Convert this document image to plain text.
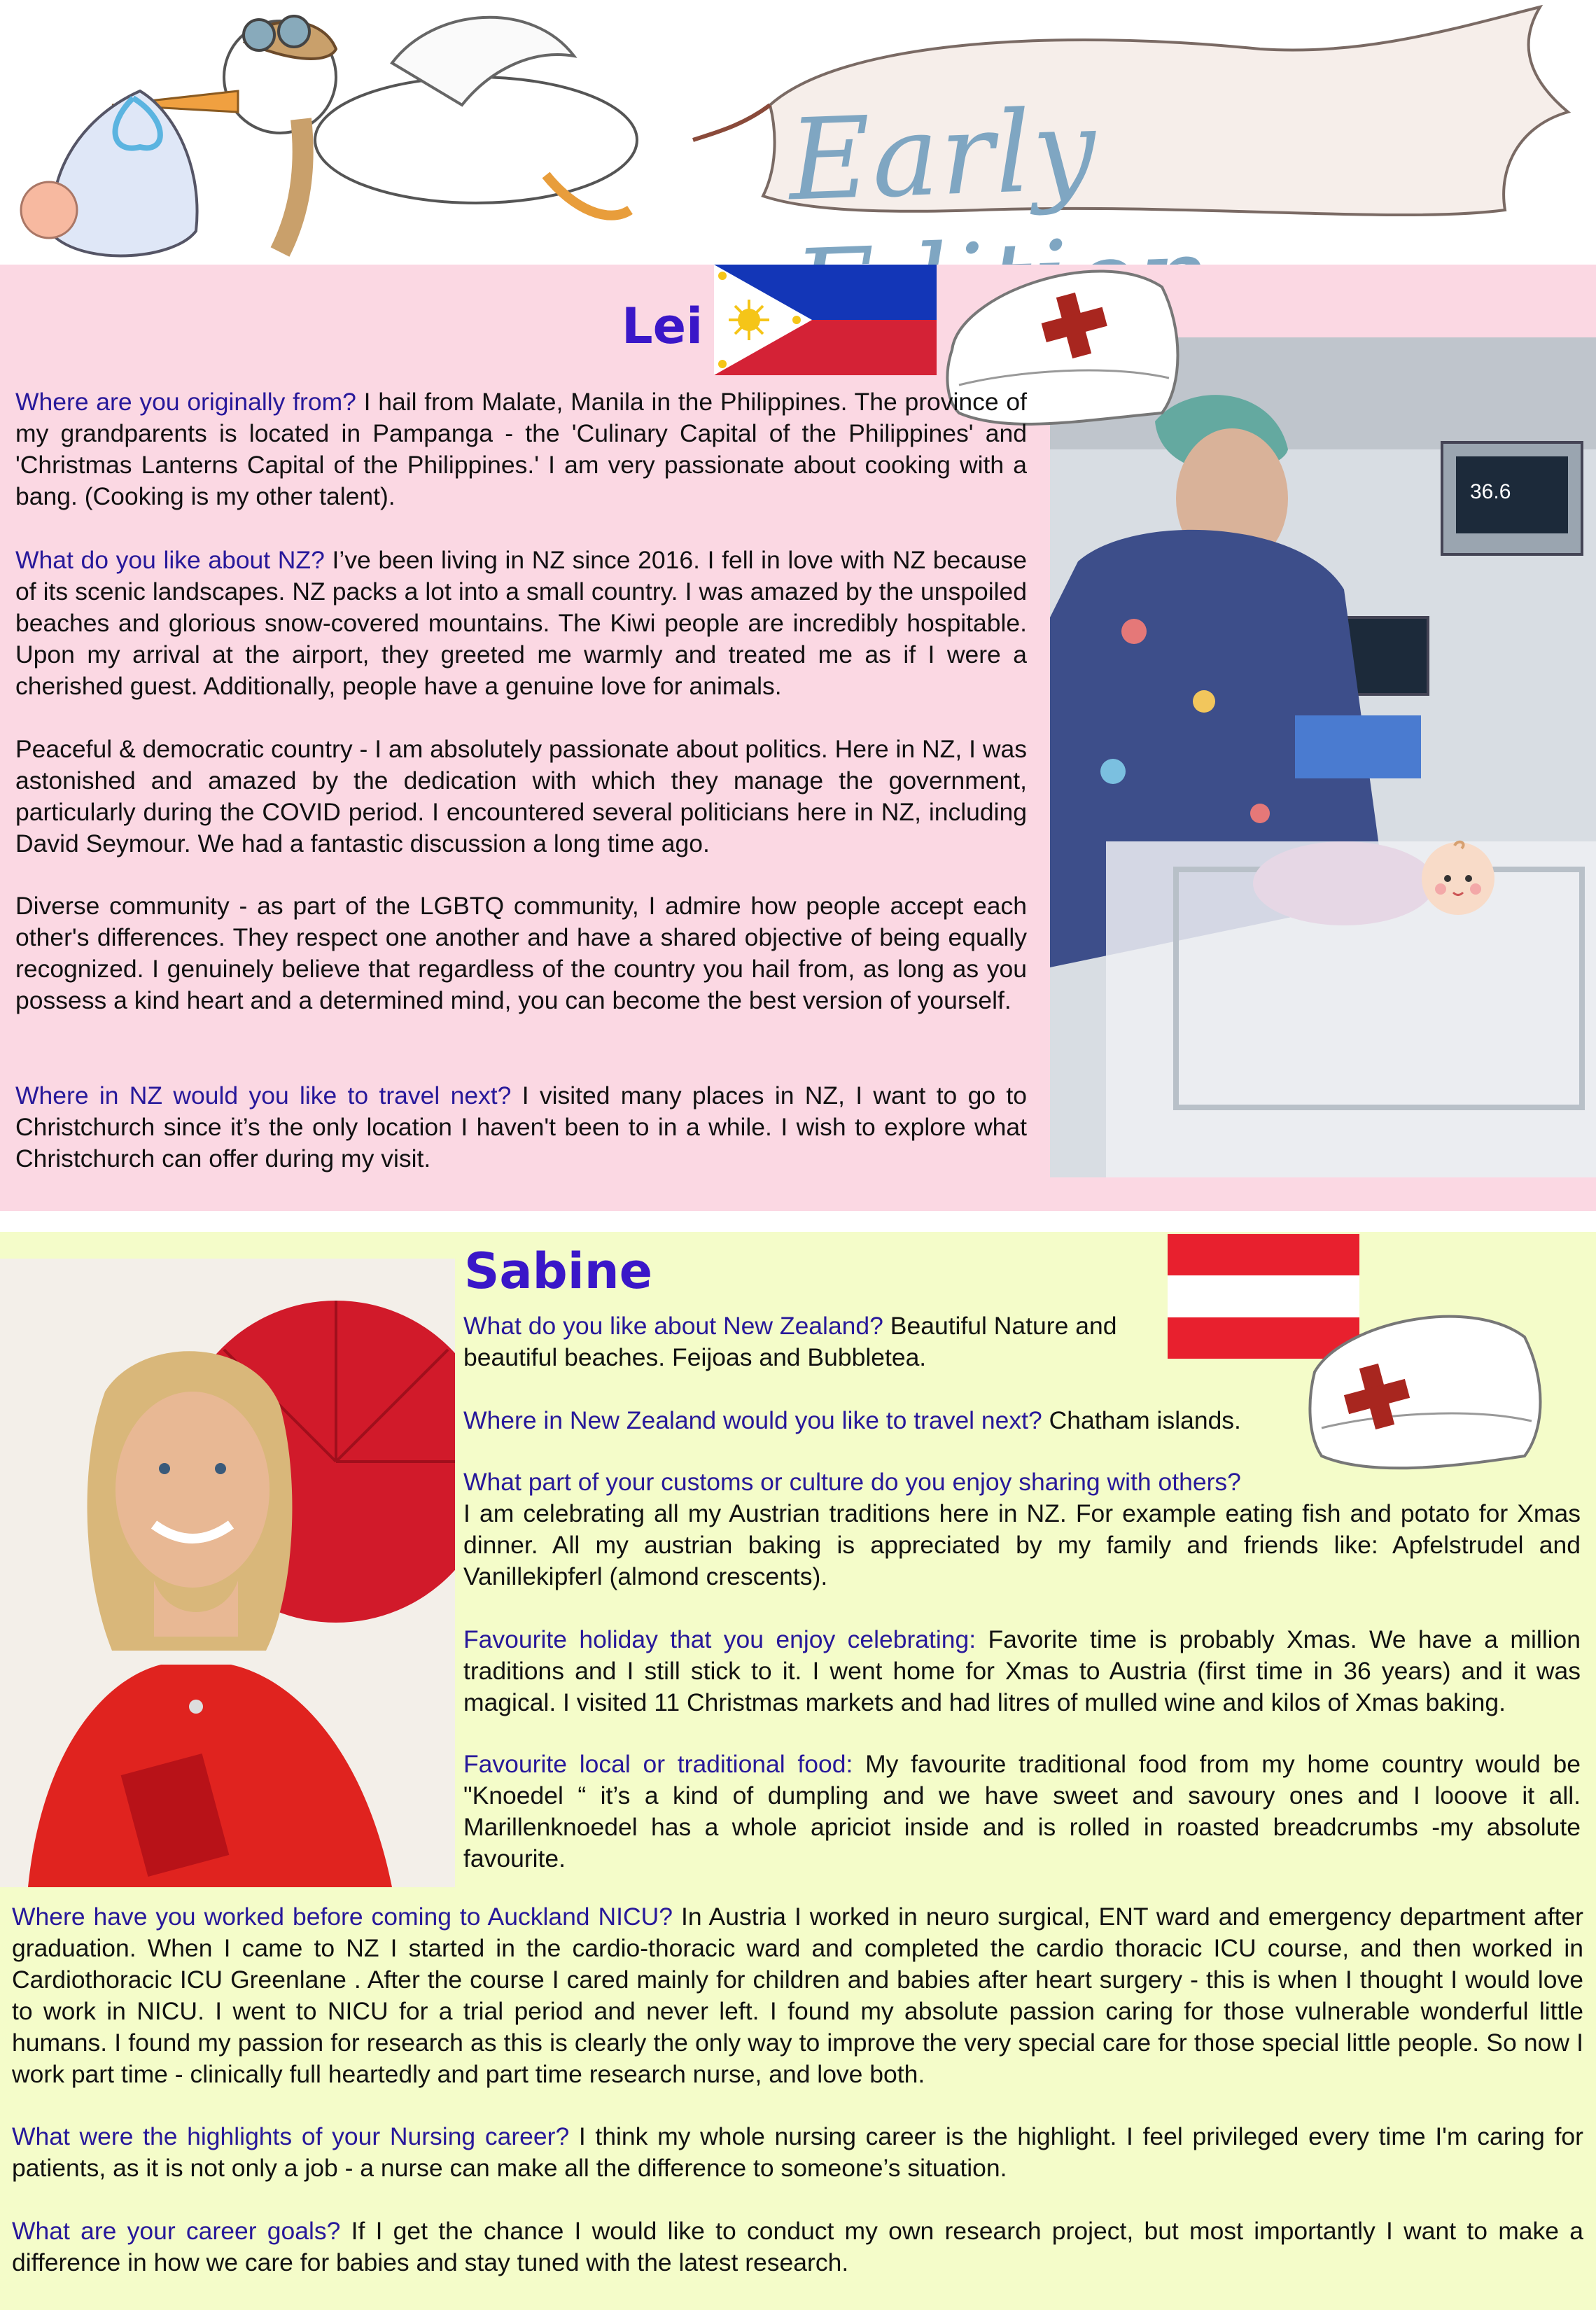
Early
Lei
36.6
Where are you originally from? I hail from Malate, Manila in the Philippines. The province of my grandparents is located in Pampanga - the 'Culinary Capital of the Philippines' and 'Christmas Lanterns Capital of the Philippines.' I am very passionate about cooking with a bang. (Cooking is my other talent).
What do you like about NZ? I’ve been living in NZ since 2016. I fell in love with NZ because of its scenic landscapes. NZ packs a lot into a small country. I was amazed by the unspoiled beaches and glorious snow-covered mountains. The Kiwi people are incredibly hospitable. Upon my arrival at the airport, they greeted me warmly and treated me as if I were a cherished guest. Additionally, people have a genuine love for animals.
Peaceful & democratic country - I am absolutely passionate about politics. Here in NZ, I was astonished and amazed by the dedication with which they manage the government, particularly during the COVID period. I encountered several politicians here in NZ, including David Seymour. We had a fantastic discussion a long time ago.
Diverse community - as part of the LGBTQ community, I admire how people accept each other's differences. They respect one another and have a shared objective of being equally recognized. I genuinely believe that regardless of the country you hail from, as long as you possess a kind heart and a determined mind, you can become the best version of yourself.
Where in NZ would you like to travel next? I visited many places in NZ, I want to go to Christchurch since it’s the only location I haven't been to in a while. I wish to explore what Christchurch can offer during my visit.
Sabine
What do you like about New Zealand? Beautiful Nature and beautiful beaches. Feijoas and Bubbletea.
Where in New Zealand would you like to travel next? Chatham islands.
What part of your customs or culture do you enjoy sharing with others?
I am celebrating all my Austrian traditions here in NZ. For example eating fish and potato for Xmas dinner. All my austrian baking is appreciated by my family and friends like: Apfelstrudel and Vanillekipferl (almond crescents).
Favourite holiday that you enjoy celebrating: Favorite time is probably Xmas. We have a million traditions and I still stick to it. I went home for Xmas to Austria (first time in 36 years) and it was magical. I visited 11 Christmas markets and had litres of mulled wine and kilos of Xmas baking.
Favourite local or traditional food: My favourite traditional food from my home country would be "Knoedel “ it’s a kind of dumpling and we have sweet and savoury ones and I looove it all. Marillenknoedel has a whole apriciot inside and is rolled in roasted breadcrumbs -my absolute favourite.
Where have you worked before coming to Auckland NICU? In Austria I worked in neuro surgical, ENT ward and emergency department after graduation. When I came to NZ I started in the cardio-thoracic ward and completed the cardio thoracic ICU course, and then worked in Cardiothoracic ICU Greenlane . After the course I cared mainly for children and babies after heart surgery - this is when I thought I would love to work in NICU. I went to NICU for a trial period and never left. I found my absolute passion caring for those vulnerable wonderful little humans. I found my passion for research as this is clearly the only way to improve the very special care for those special little people. So now I work part time - clinically full heartedly and part time research nurse, and love both.
What were the highlights of your Nursing career? I think my whole nursing career is the highlight. I feel privileged every time I'm caring for patients, as it is not only a job - a nurse can make all the difference to someone’s situation.
What are your career goals? If I get the chance I would like to conduct my own research project, but most importantly I want to make a difference in how we care for babies and stay tuned with the latest research.
